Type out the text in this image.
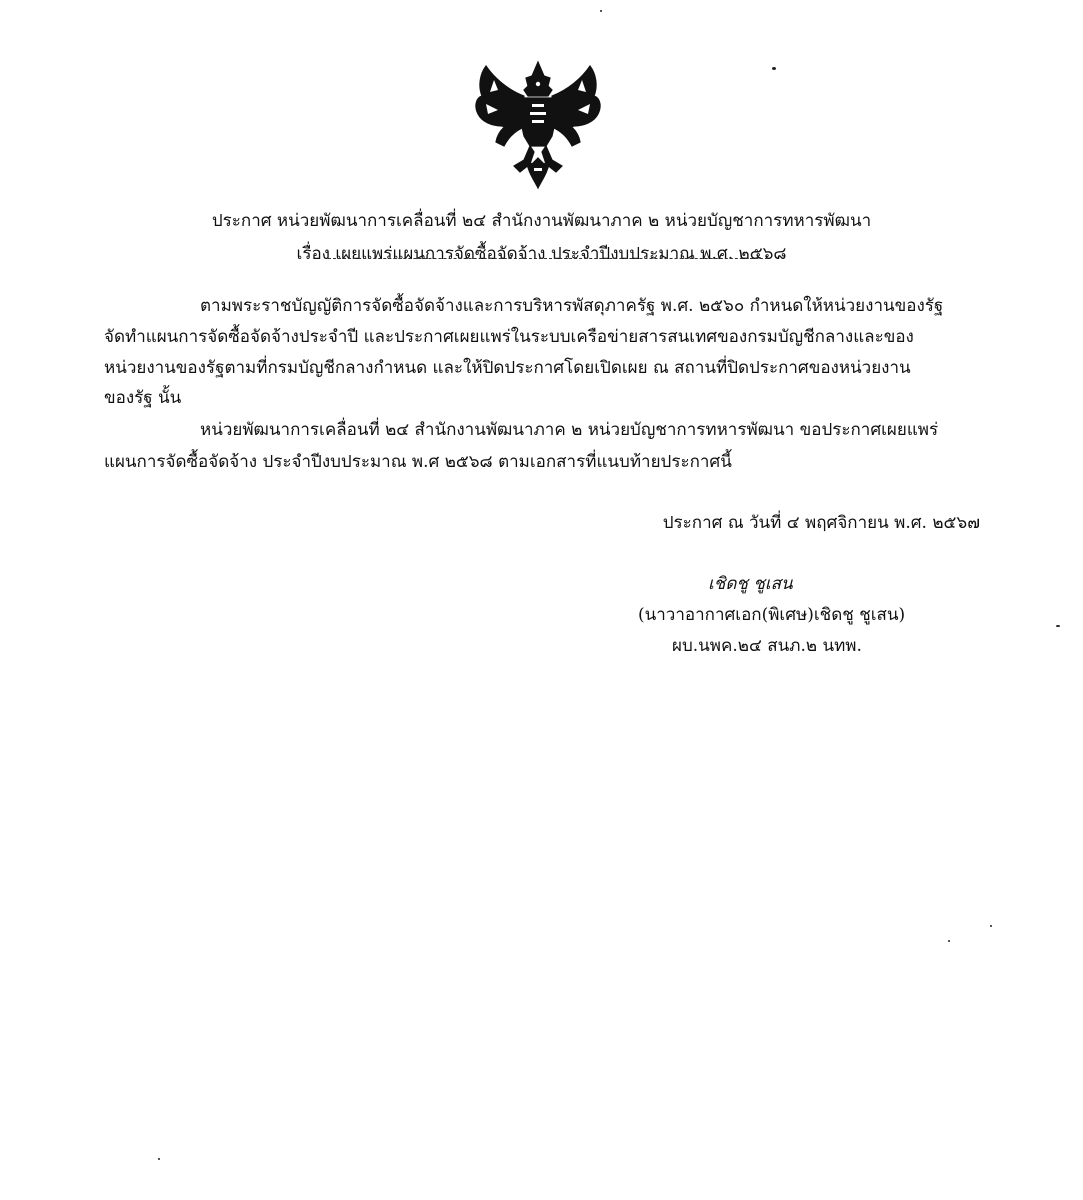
ประกาศ หน่วยพัฒนาการเคลื่อนที่ ๒๔ สำนักงานพัฒนาภาค ๒ หน่วยบัญชาการทหารพัฒนา
เรื่อง เผยแพร่แผนการจัดซื้อจัดจ้าง ประจำปีงบประมาณ พ.ศ. ๒๕๖๘
ตามพระราชบัญญัติการจัดซื้อจัดจ้างและการบริหารพัสดุภาครัฐ พ.ศ. ๒๕๖๐ กำหนดให้หน่วยงานของรัฐ
จัดทำแผนการจัดซื้อจัดจ้างประจำปี และประกาศเผยแพร่ในระบบเครือข่ายสารสนเทศของกรมบัญชีกลางและของ
หน่วยงานของรัฐตามที่กรมบัญชีกลางกำหนด และให้ปิดประกาศโดยเปิดเผย ณ สถานที่ปิดประกาศของหน่วยงาน
ของรัฐ นั้น
หน่วยพัฒนาการเคลื่อนที่ ๒๔ สำนักงานพัฒนาภาค ๒ หน่วยบัญชาการทหารพัฒนา ขอประกาศเผยแพร่
แผนการจัดซื้อจัดจ้าง ประจำปีงบประมาณ พ.ศ ๒๕๖๘ ตามเอกสารที่แนบท้ายประกาศนี้
ประกาศ ณ วันที่ ๔ พฤศจิกายน พ.ศ. ๒๕๖๗
เชิดชู ชูเสน
(นาวาอากาศเอก(พิเศษ)เชิดชู ชูเสน)
ผบ.นพค.๒๔ สนภ.๒ นทพ.
